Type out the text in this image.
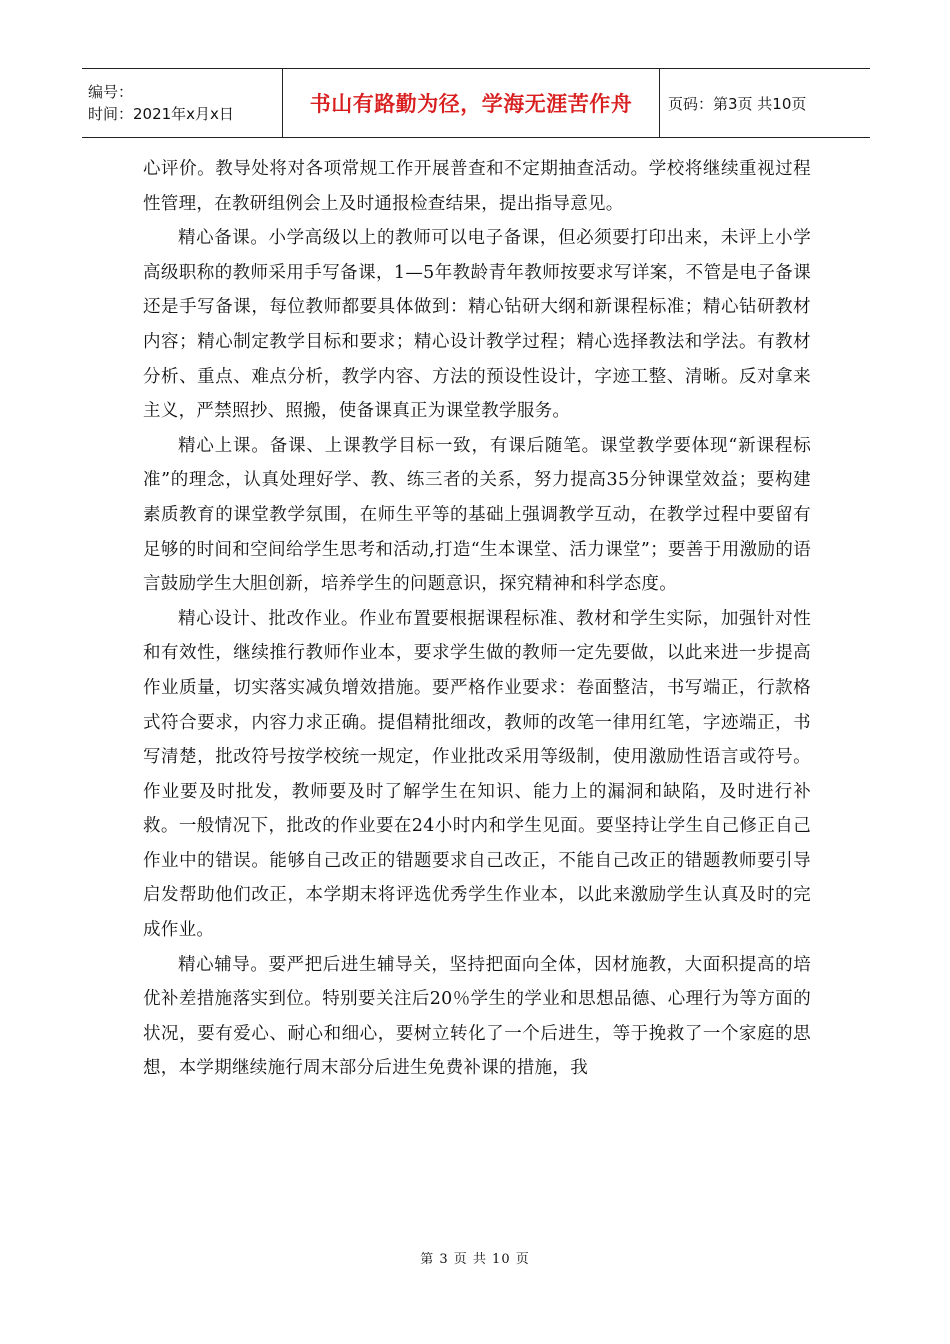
编号：
时间：2021年x月x日	书山有路勤为径，学海无涯苦作舟 页码：第3页 共10页

心评价。教导处将对各项常规工作开展普查和不定期抽查活动。学校将继续重视过程性管理，在教研组例会上及时通报检查结果，提出指导意见。

精心备课。小学高级以上的教师可以电子备课，但必须要打印出来，未评上小学高级职称的教师采用手写备课，1—5年教龄青年教师按要求写详案，不管是电子备课还是手写备课，每位教师都要具体做到：精心钻研大纲和新课程标准；精心钻研教材内容；精心制定教学目标和要求；精心设计教学过程；精心选择教法和学法。有教材分析、重点、难点分析，教学内容、方法的预设性设计，字迹工整、清晰。反对拿来主义，严禁照抄、照搬，使备课真正为课堂教学服务。

精心上课。备课、上课教学目标一致，有课后随笔。课堂教学要体现“新课程标准”的理念，认真处理好学、教、练三者的关系，努力提高35分钟课堂效益；要构建素质教育的课堂教学氛围，在师生平等的基础上强调教学互动，在教学过程中要留有足够的时间和空间给学生思考和活动,打造“生本课堂、活力课堂”；要善于用激励的语言鼓励学生大胆创新，培养学生的问题意识，探究精神和科学态度。

精心设计、批改作业。作业布置要根据课程标准、教材和学生实际，加强针对性和有效性，继续推行教师作业本，要求学生做的教师一定先要做，以此来进一步提高作业质量，切实落实减负增效措施。要严格作业要求：卷面整洁，书写端正，行款格式符合要求，内容力求正确。提倡精批细改，教师的改笔一律用红笔，字迹端正，书写清楚，批改符号按学校统一规定，作业批改采用等级制，使用激励性语言或符号。作业要及时批发，教师要及时了解学生在知识、能力上的漏洞和缺陷，及时进行补救。一般情况下，批改的作业要在24小时内和学生见面。要坚持让学生自己修正自己作业中的错误。能够自己改正的错题要求自己改正，不能自己改正的错题教师要引导启发帮助他们改正，本学期末将评选优秀学生作业本，以此来激励学生认真及时的完成作业。

精心辅导。要严把后进生辅导关，坚持把面向全体，因材施教，大面积提高的培优补差措施落实到位。特别要关注后20％学生的学业和思想品德、心理行为等方面的状况，要有爱心、耐心和细心，要树立转化了一个后进生，等于挽救了一个家庭的思想，本学期继续施行周末部分后进生免费补课的措施，我

第 3 页 共 10 页
